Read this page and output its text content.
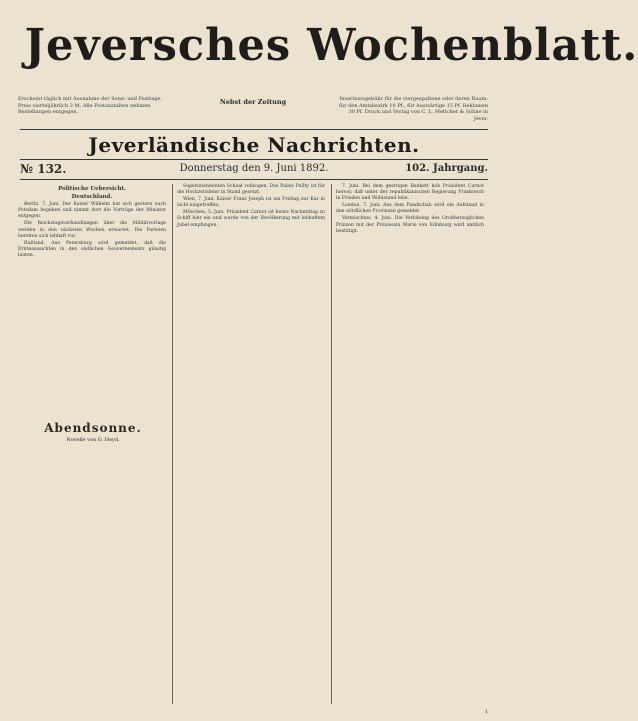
Jeversches Wochenblatt.
Erscheint täglich mit Ausnahme der Sonn- und Festtage. Preis vierteljährlich 2 M. Alle Postanstalten nehmen Bestellungen entgegen.
Nebst der Zeitung	Insertionsgebühr für die viergespaltene oder deren Raum: für den Amtsbezirk 10 Pf., für Auswärtige 15 Pf. Reklamen 30 Pf. Druck und Verlag von C. L. Mettcker & Söhne in Jever.
Jeverländische Nachrichten.
№ 132.	Donnerstag den 9. Juni 1892.	102. Jahrgang.

Politische Uebersicht.

Deutschland.

Berlin, 7. Juni. Der Kaiser Wilhelm hat sich gestern nach Potsdam begeben und nimmt dort die Vorträge der Minister entgegen.

Die Reichstagsverhandlungen über die Militärvorlage werden in den nächsten Wochen erwartet. Die Parteien bereiten sich lebhaft vor.

Rußland. Aus Petersburg wird gemeldet, daß die Ernteaussichten in den südlichen Gouvernements günstig lauten.

Abendsonne.
Novelle von G. Heyd.

Superintendenten Schaaf vollzogen. Das Palais Pullty ist für die Hochzeitsfeier in Stand gesetzt.

Wien, 7. Juni. Kaiser Franz Joseph ist am Freitag zur Kur in Ischl eingetroffen.

München, 5. Juni. Präsident Carnot ist heute Nachmittag zu Schiff hier ein und wurde von der Bevölkerung mit lebhaftem Jubel empfangen.

7. Juni. Bei dem gestrigen Bankett hob Präsident Carnot hervor, daß unter der republikanischen Regierung Frankreich in Frieden und Wohlstand lebe.

London, 7. Juni. Aus dem Pandschab wird ein Aufstand in den nördlichen Provinzen gemeldet.

Vermischtes. 4. Juni. Die Verlobung des Großherzoglichen Prinzen mit der Prinzessin Marie von Edinburg wird amtlich bestätigt.

1
